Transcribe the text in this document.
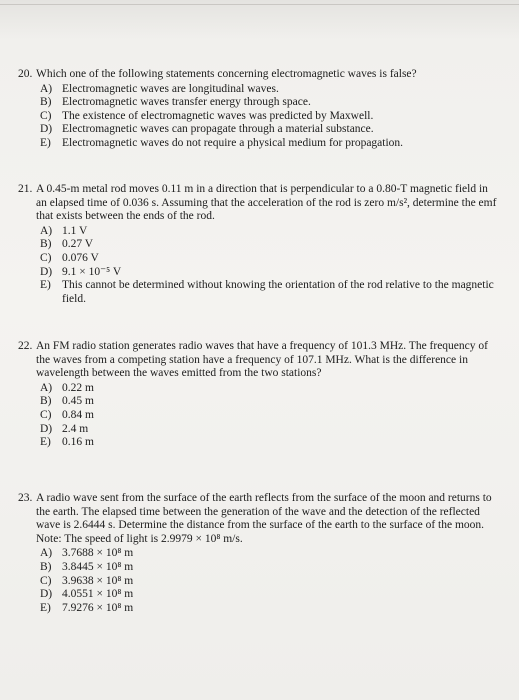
20. Which one of the following statements concerning electromagnetic waves is false?
A) Electromagnetic waves are longitudinal waves.
B) Electromagnetic waves transfer energy through space.
C) The existence of electromagnetic waves was predicted by Maxwell.
D) Electromagnetic waves can propagate through a material substance.
E) Electromagnetic waves do not require a physical medium for propagation.
21. A 0.45-m metal rod moves 0.11 m in a direction that is perpendicular to a 0.80-T magnetic field in an elapsed time of 0.036 s. Assuming that the acceleration of the rod is zero m/s², determine the emf that exists between the ends of the rod.
A) 1.1 V
B) 0.27 V
C) 0.076 V
D) 9.1 × 10⁻⁵ V
E) This cannot be determined without knowing the orientation of the rod relative to the magnetic field.
22. An FM radio station generates radio waves that have a frequency of 101.3 MHz. The frequency of the waves from a competing station have a frequency of 107.1 MHz. What is the difference in wavelength between the waves emitted from the two stations?
A) 0.22 m
B) 0.45 m
C) 0.84 m
D) 2.4 m
E) 0.16 m
23. A radio wave sent from the surface of the earth reflects from the surface of the moon and returns to the earth. The elapsed time between the generation of the wave and the detection of the reflected wave is 2.6444 s. Determine the distance from the surface of the earth to the surface of the moon. Note: The speed of light is 2.9979 × 10⁸ m/s.
A) 3.7688 × 10⁸ m
B) 3.8445 × 10⁸ m
C) 3.9638 × 10⁸ m
D) 4.0551 × 10⁸ m
E) 7.9276 × 10⁸ m
